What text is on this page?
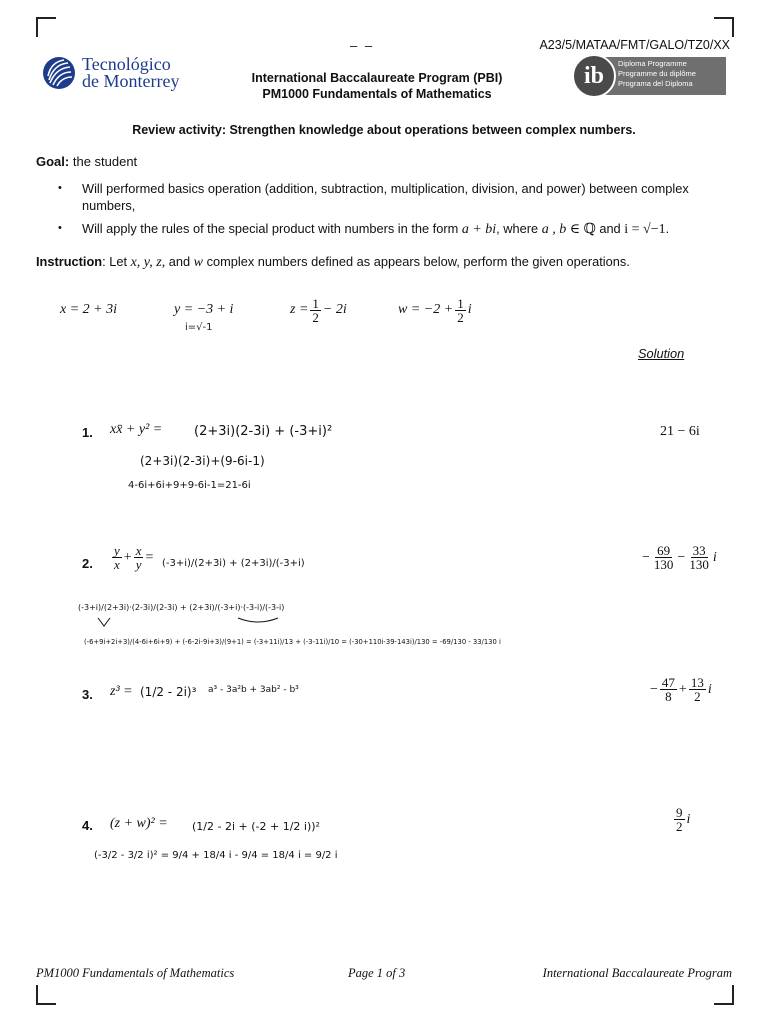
– –	A23/5/MATAA/FMT/GALO/TZ0/XX
Tecnológico
de Monterrey	International Baccalaureate Program (PBI)
PM1000 Fundamentals of Mathematics
ib Diploma Programme
Programme du diplôme
Programa del Diploma
Review activity: Strengthen knowledge about operations between complex numbers.
Goal: the student
• Will performed basics operation (addition, subtraction, multiplication, division, and power) between complex numbers,
• Will apply the rules of the special product with numbers in the form a + bi, where a , b ∈ ℚ and i = √−1.
Instruction: Let x, y, z, and w complex numbers defined as appears below, perform the given operations.
x = 2 + 3i	y = −3 + i
i=√-1
$z = \frac{1}{2} - 2i$	$w = -2 + \frac{1}{2}$ i
Solution
1. xx̄ + y² =	21 − 6i
(2+3i)(2-3i) + (-3+i)²
(2+3i)(2-3i)+(9-6i-1)
4-6i+6i+9+9-6i-1=21-6i
2. $\frac{y}{x} + \frac{x}{y}$ =	− $\frac{69}{130} - \frac{33}{130}$ i
(-3+i)/(2+3i) + (2+3i)/(-3+i)
(-3+i)/(2+3i)·(2-3i)/(2-3i) + (2+3i)/(-3+i)·(-3-i)/(-3-i)
(-6+9i+2i+3)/(4-6i+6i+9) + (-6-2i-9i+3)/(9+1) = (-3+11i)/13 + (-3-11i)/10 = (-30+110i-39-143i)/130 = -69/130 - 33/130 i
3. z³ =	− $\frac{47}{8} + \frac{13}{2}$ i
(1/2 - 2i)³ a³ - 3a²b + 3ab² - b³
4. (z + w)² =	$\frac{9}{2}$ i
(1/2 - 2i + (-2 + 1/2 i))²
(-3/2 - 3/2 i)² = 9/4 + 18/4 i - 9/4 = 18/4 i = 9/2 i
PM1000 Fundamentals of Mathematics	Page 1 of 3	International Baccalaureate Program
